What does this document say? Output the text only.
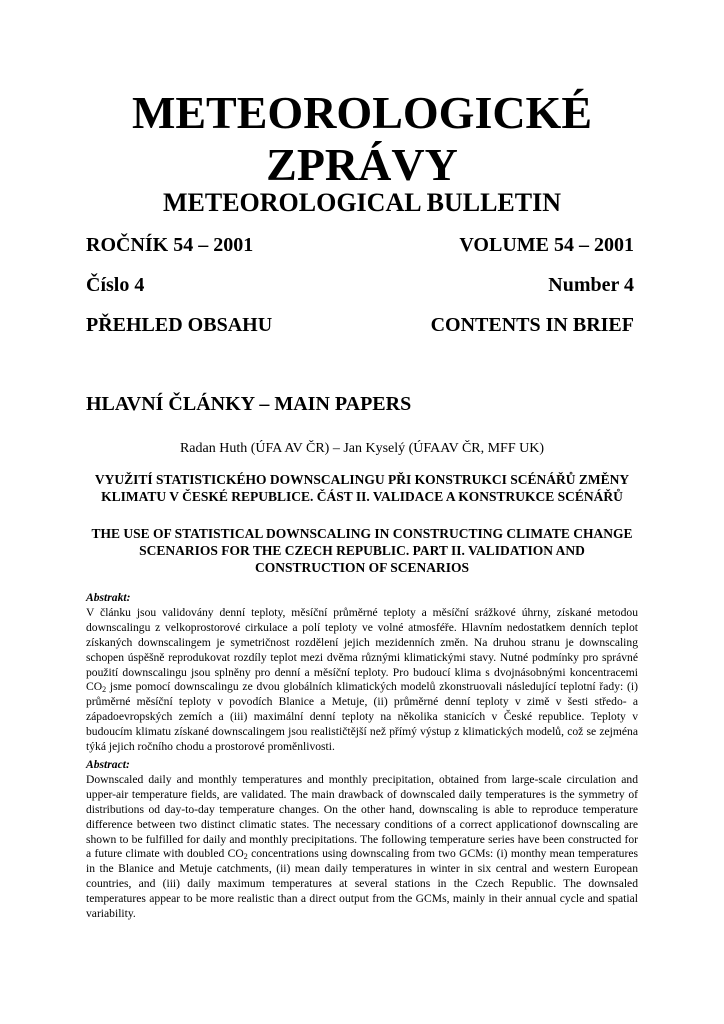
METEOROLOGICKÉ
ZPRÁVY
METEOROLOGICAL BULLETIN
ROČNÍK 54 – 2001	VOLUME 54 – 2001
Číslo 4	Number 4
PŘEHLED OBSAHU	CONTENTS IN BRIEF
HLAVNÍ ČLÁNKY – MAIN PAPERS
Radan Huth (ÚFA AV ČR) – Jan Kyselý (ÚFAAV ČR, MFF UK)
VYUŽITÍ STATISTICKÉHO DOWNSCALINGU PŘI KONSTRUKCI SCÉNÁŘŮ ZMĚNY KLIMATU V ČESKÉ REPUBLICE. ČÁST II. VALIDACE A KONSTRUKCE SCÉNÁŘŮ
THE USE OF STATISTICAL DOWNSCALING IN CONSTRUCTING CLIMATE CHANGE SCENARIOS FOR THE CZECH REPUBLIC. PART II. VALIDATION AND CONSTRUCTION OF SCENARIOS
Abstrakt:
V článku jsou validovány denní teploty, měsíční průměrné teploty a měsíční srážkové úhrny, získané metodou downscalingu z velkoprostorové cirkulace a polí teploty ve volné atmosféře. Hlavním nedostatkem denních teplot získaných downscalingem je symetričnost rozdělení jejich mezidenních změn. Na druhou stranu je downscaling schopen úspěšně reprodukovat rozdíly teplot mezi dvěma různými klimatickými stavy. Nutné podmínky pro správné použití downscalingu jsou splněny pro denní a měsíční teploty. Pro budoucí klima s dvojnásobnými koncentracemi $CO_2$ jsme pomocí downscalingu ze dvou globálních klimatických modelů zkonstruovali následující teplotní řady: (i) průměrné měsíční teploty v povodích Blanice a Metuje, (ii) průměrné denní teploty v zimě v šesti středo- a západoevropských zemích a (iii) maximální denní teploty na několika stanicích v České republice. Teploty v budoucím klimatu získané downscalingem jsou realističtější než přímý výstup z klimatických modelů, což se zejména týká jejich ročního chodu a prostorové proměnlivosti.
Abstract:
Downscaled daily and monthly temperatures and monthly precipitation, obtained from large-scale circulation and upper-air temperature fields, are validated. The main drawback of downscaled daily temperatures is the symmetry of distributions od day-to-day temperature changes. On the other hand, downscaling is able to reproduce temperature difference between two distinct climatic states. The necessary conditions of a correct applicationof downscaling are shown to be fulfilled for daily and monthly precipitations. The following temperature series have been constructed for a future climate with doubled $CO_2$ concentrations using downscaling from two GCMs: (i) monthy mean temperatures in the Blanice and Metuje catchments, (ii) mean daily temperatures in winter in six central and western European countries, and (iii) daily maximum temperatures at several stations in the Czech Republic. The downsaled temperatures appear to be more realistic than a direct output from the GCMs, mainly in their annual cycle and spatial variability.
